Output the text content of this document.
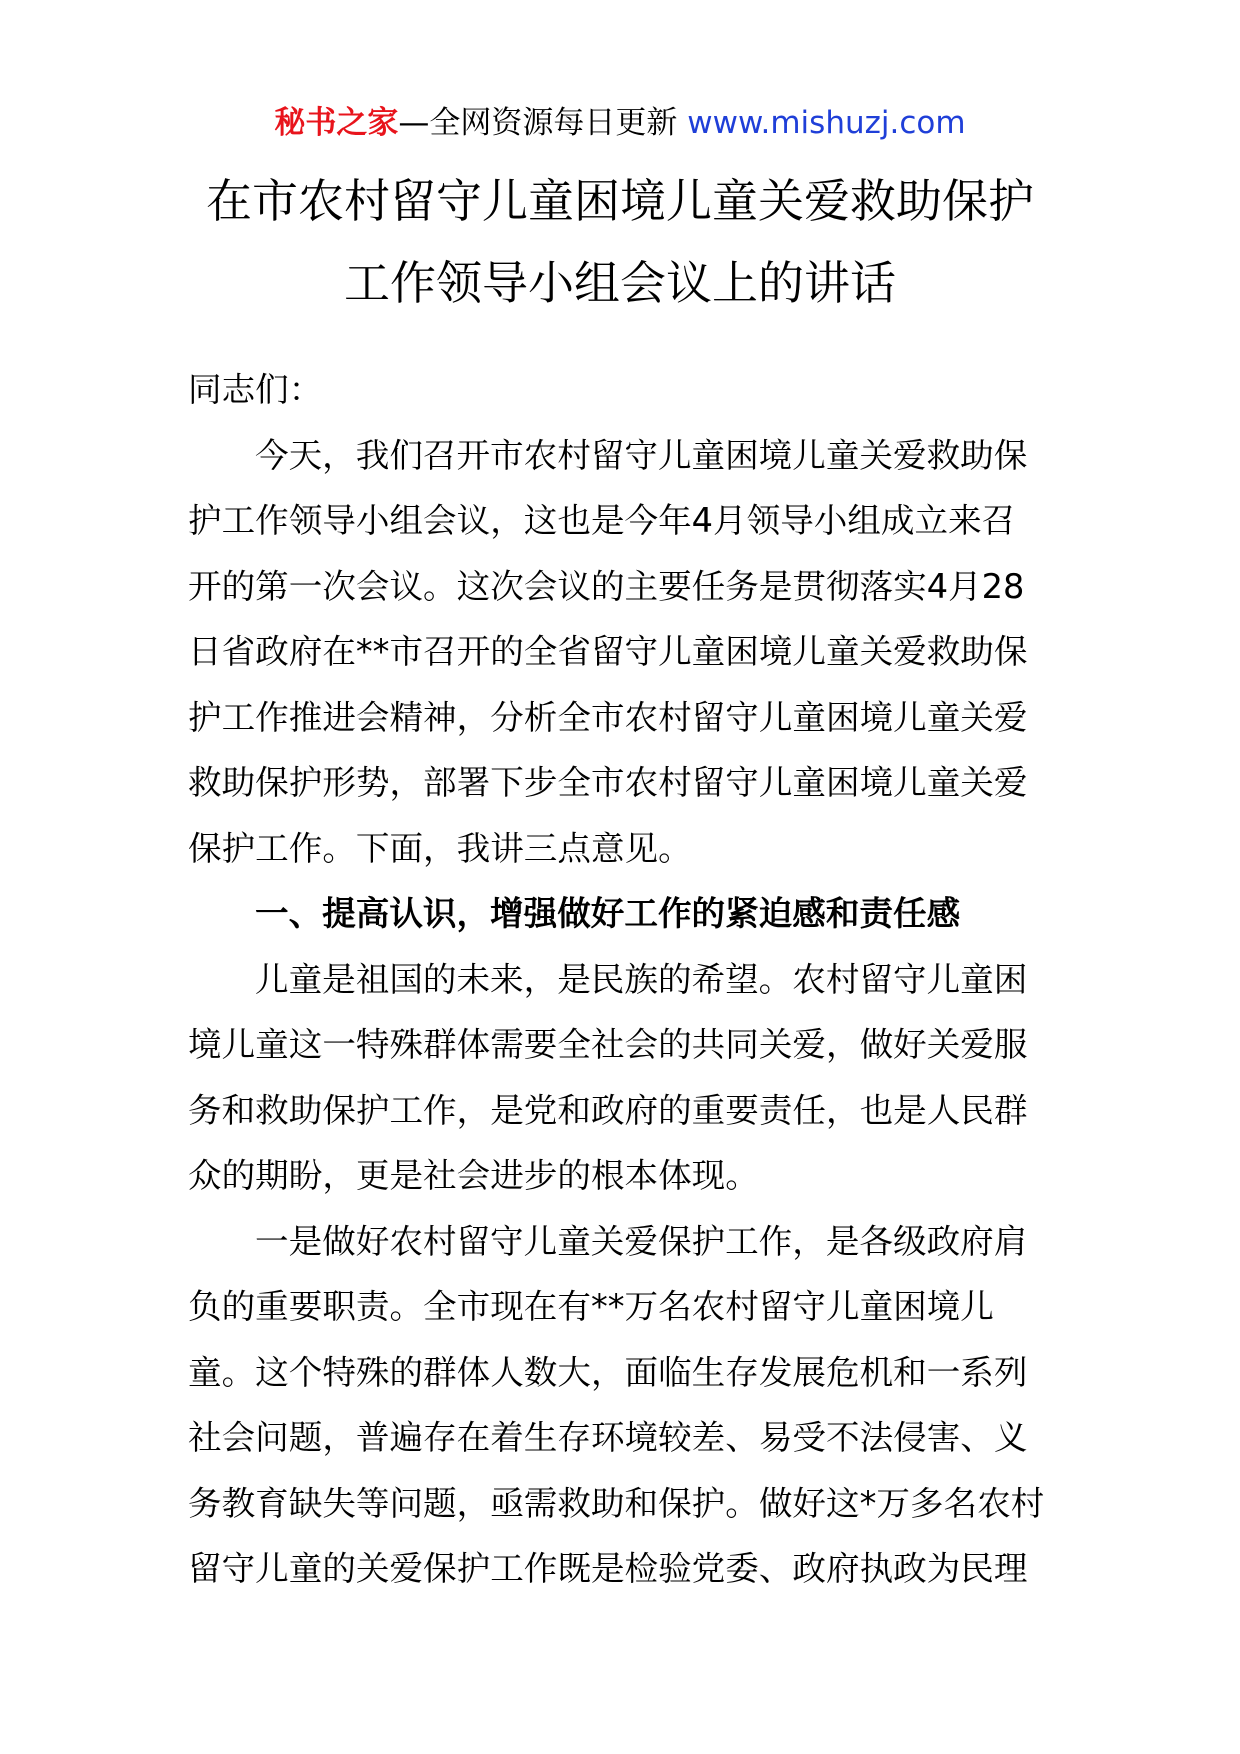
秘书之家—全网资源每日更新 www.mishuzj.com
在市农村留守儿童困境儿童关爱救助保护
工作领导小组会议上的讲话
同志们：
今天，我们召开市农村留守儿童困境儿童关爱救助保
护工作领导小组会议，这也是今年4月领导小组成立来召
开的第一次会议。这次会议的主要任务是贯彻落实4月28
日省政府在**市召开的全省留守儿童困境儿童关爱救助保
护工作推进会精神，分析全市农村留守儿童困境儿童关爱
救助保护形势，部署下步全市农村留守儿童困境儿童关爱
保护工作。下面，我讲三点意见。
一、提高认识，增强做好工作的紧迫感和责任感
儿童是祖国的未来，是民族的希望。农村留守儿童困
境儿童这一特殊群体需要全社会的共同关爱，做好关爱服
务和救助保护工作，是党和政府的重要责任，也是人民群
众的期盼，更是社会进步的根本体现。
一是做好农村留守儿童关爱保护工作，是各级政府肩
负的重要职责。全市现在有**万名农村留守儿童困境儿
童。这个特殊的群体人数大，面临生存发展危机和一系列
社会问题，普遍存在着生存环境较差、易受不法侵害、义
务教育缺失等问题，亟需救助和保护。做好这*万多名农村
留守儿童的关爱保护工作既是检验党委、政府执政为民理
